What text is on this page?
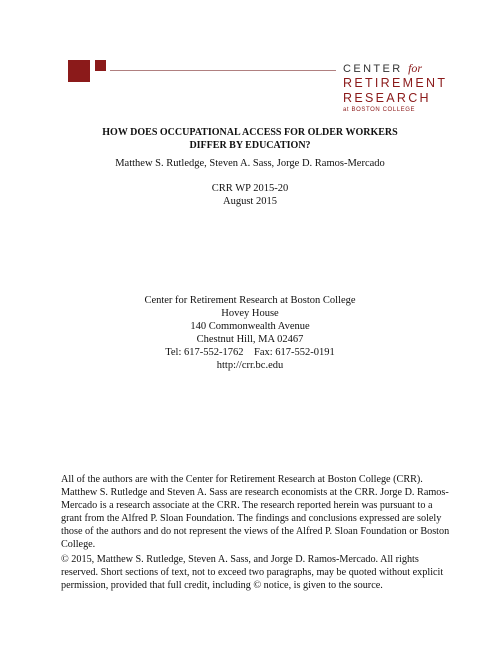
CENTER for
RETIREMENT
RESEARCH
at BOSTON COLLEGE
HOW DOES OCCUPATIONAL ACCESS FOR OLDER WORKERS
DIFFER BY EDUCATION?
Matthew S. Rutledge, Steven A. Sass, Jorge D. Ramos-Mercado
CRR WP 2015-20
August 2015
Center for Retirement Research at Boston College
Hovey House
140 Commonwealth Avenue
Chestnut Hill, MA 02467
Tel: 617-552-1762    Fax: 617-552-0191
http://crr.bc.edu
All of the authors are with the Center for Retirement Research at Boston College (CRR).
Matthew S. Rutledge and Steven A. Sass are research economists at the CRR. Jorge D. Ramos-
Mercado is a research associate at the CRR. The research reported herein was pursuant to a
grant from the Alfred P. Sloan Foundation. The findings and conclusions expressed are solely
those of the authors and do not represent the views of the Alfred P. Sloan Foundation or Boston
College.
© 2015, Matthew S. Rutledge, Steven A. Sass, and Jorge D. Ramos-Mercado. All rights
reserved. Short sections of text, not to exceed two paragraphs, may be quoted without explicit
permission, provided that full credit, including © notice, is given to the source.
